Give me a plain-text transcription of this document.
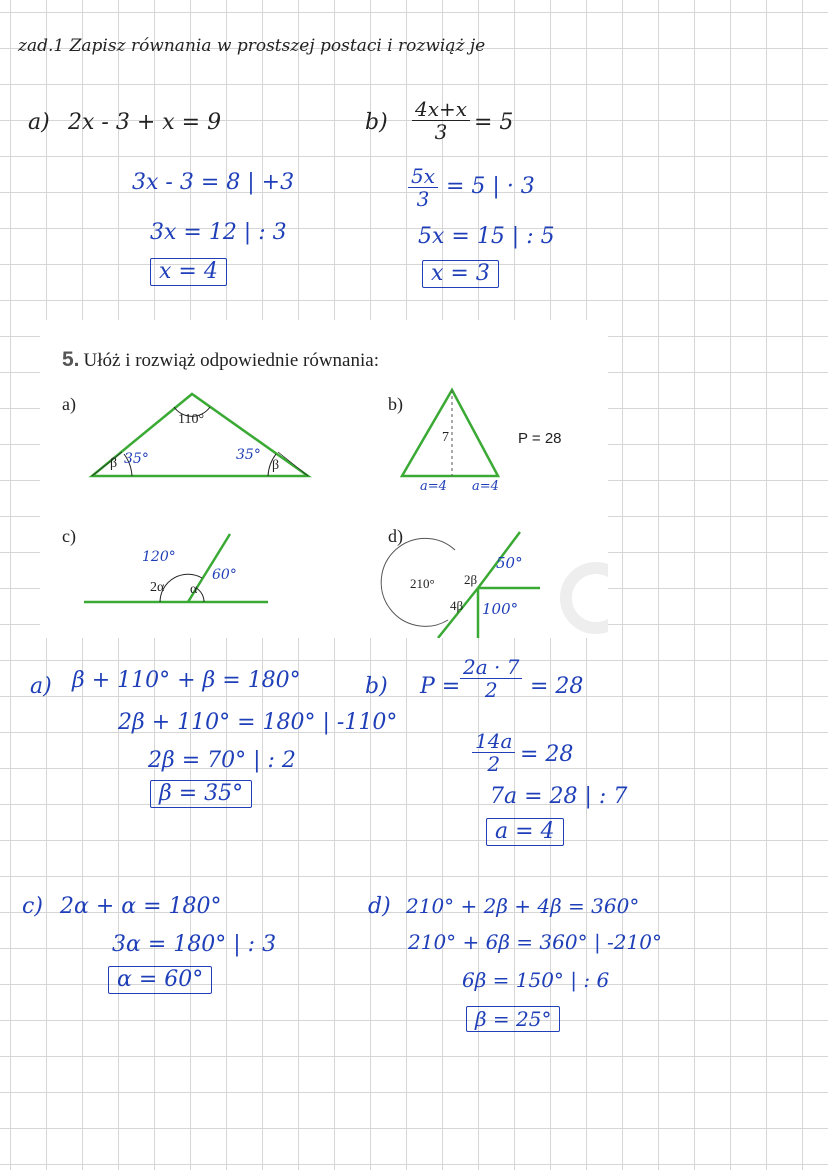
zad.1 Zapisz równania w prostszej postaci i rozwiąż je
a) 2x - 3 + x = 9
3x - 3 = 8 | +3
3x = 12 | : 3
x = 4
$b) \frac{4x+x}{3} = 5$
$\frac{5x}{3} = 5$ | · 3
5x = 15 | : 5
x = 3
5. Ułóż i rozwiąż odpowiednie równania:
a)	b)
c)	d)
110°
β 35°	35°
β
7	P = 28
a=4 a=4
120°
2α α
60°
210° 2β
4β
50°
100°
a) β + 110° + β = 180°
2β + 110° = 180° | -110°
2β = 70° | : 2
β = 35°
b) $P = \frac{2a \cdot 7}{2} = 28$
$\frac{14a}{2} = 28$
7a = 28 | : 7
a = 4
c) 2α + α = 180°
3α = 180° | : 3
α = 60°
d) 210° + 2β + 4β = 360°
210° + 6β = 360° | -210°
6β = 150° | : 6
β = 25°
